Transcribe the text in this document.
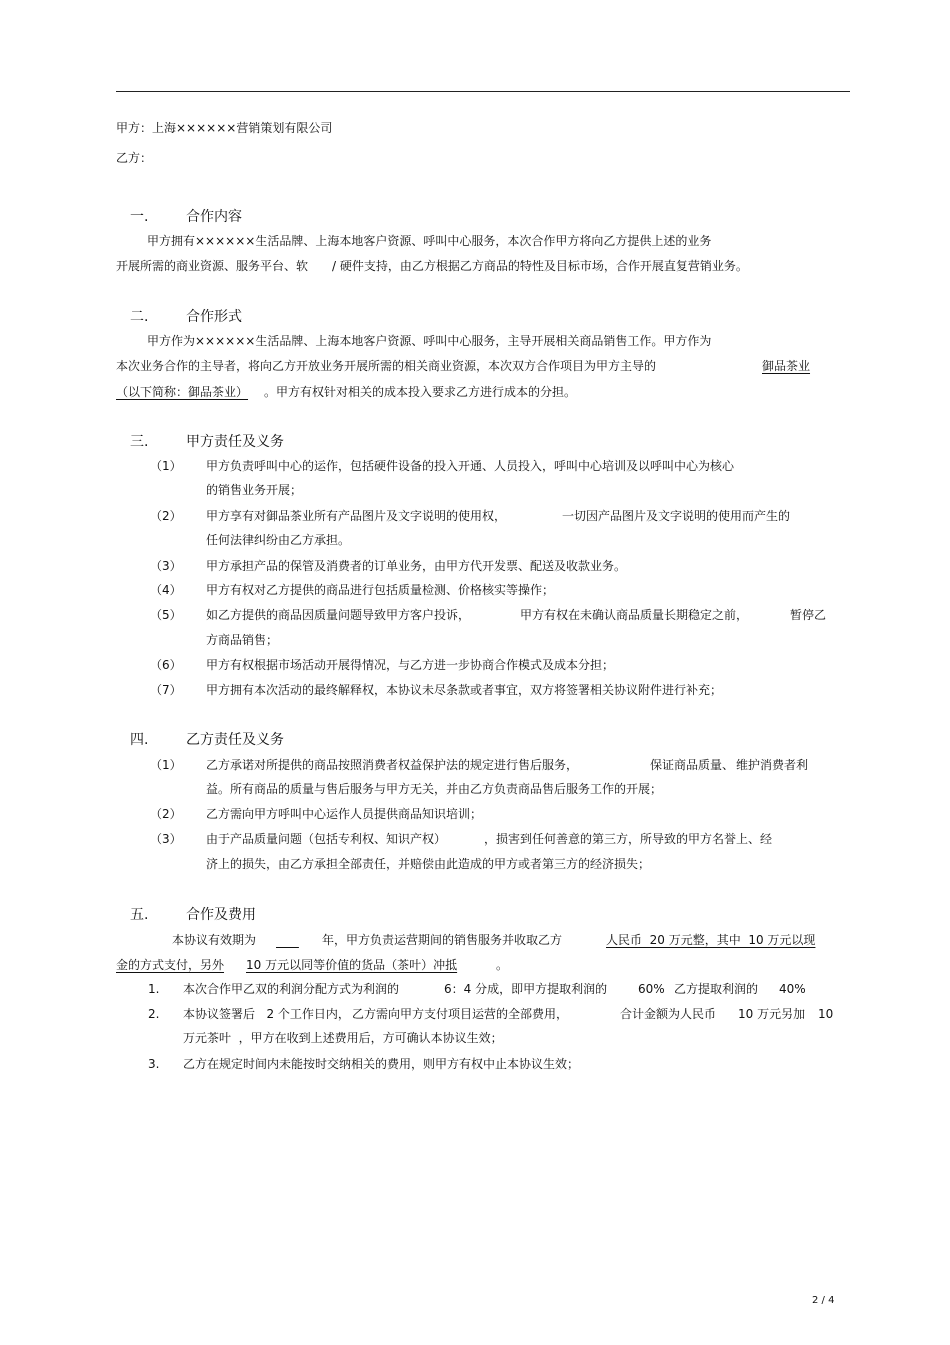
甲方：上海××××××营销策划有限公司
乙方：
一.	合作内容
甲方拥有××××××生活品牌、上海本地客户资源、呼叫中心服务，本次合作甲方将向乙方提供上述的业务
开展所需的商业资源、服务平台、软　　/ 硬件支持，由乙方根据乙方商品的特性及目标市场，合作开展直复营销业务。
二.	合作形式
甲方作为××××××生活品牌、上海本地客户资源、呼叫中心服务，主导开展相关商品销售工作。甲方作为
本次业务合作的主导者，将向乙方开放业务开展所需的相关商业资源，本次双方合作项目为甲方主导的	御品茶业
（以下简称：御品茶业） 。甲方有权针对相关的成本投入要求乙方进行成本的分担。
三.	甲方责任及义务
（1） 甲方负责呼叫中心的运作，包括硬件设备的投入开通、人员投入，呼叫中心培训及以呼叫中心为核心
的销售业务开展；
（2） 甲方享有对御品茶业所有产品图片及文字说明的使用权，	一切因产品图片及文字说明的使用而产生的
任何法律纠纷由乙方承担。
（3） 甲方承担产品的保管及消费者的订单业务，由甲方代开发票、配送及收款业务。
（4） 甲方有权对乙方提供的商品进行包括质量检测、价格核实等操作；
（5） 如乙方提供的商品因质量问题导致甲方客户投诉，	甲方有权在未确认商品质量长期稳定之前，	暂停乙
方商品销售；
（6） 甲方有权根据市场活动开展得情况，与乙方进一步协商合作模式及成本分担；
（7） 甲方拥有本次活动的最终解释权，本协议未尽条款或者事宜，双方将签署相关协议附件进行补充；
四.	乙方责任及义务
（1） 乙方承诺对所提供的商品按照消费者权益保护法的规定进行售后服务，	保证商品质量、 维护消费者利
益。所有商品的质量与售后服务与甲方无关，并由乙方负责商品售后服务工作的开展；
（2） 乙方需向甲方呼叫中心运作人员提供商品知识培训；
（3） 由于产品质量问题（包括专利权、知识产权）	，损害到任何善意的第三方，所导致的甲方名誉上、经
济上的损失，由乙方承担全部责任，并赔偿由此造成的甲方或者第三方的经济损失；
五.	合作及费用
本协议有效期为
	年，甲方负责运营期间的销售服务并收取乙方	人民币  20 万元整，其中  10 万元以现
金的方式支付，另外 10 万元以同等价值的货品（茶叶）冲抵	。
1. 本次合作甲乙双的利润分配方式为利润的	6：4 分成，即甲方提取利润的	60% 乙方提取利润的 40%
2. 本协议签署后   2 个工作日内， 乙方需向甲方支付项目运营的全部费用，	合计金额为人民币 10 万元另加 10
万元茶叶  ，甲方在收到上述费用后，方可确认本协议生效；
3. 乙方在规定时间内未能按时交纳相关的费用，则甲方有权中止本协议生效；
2 / 4
